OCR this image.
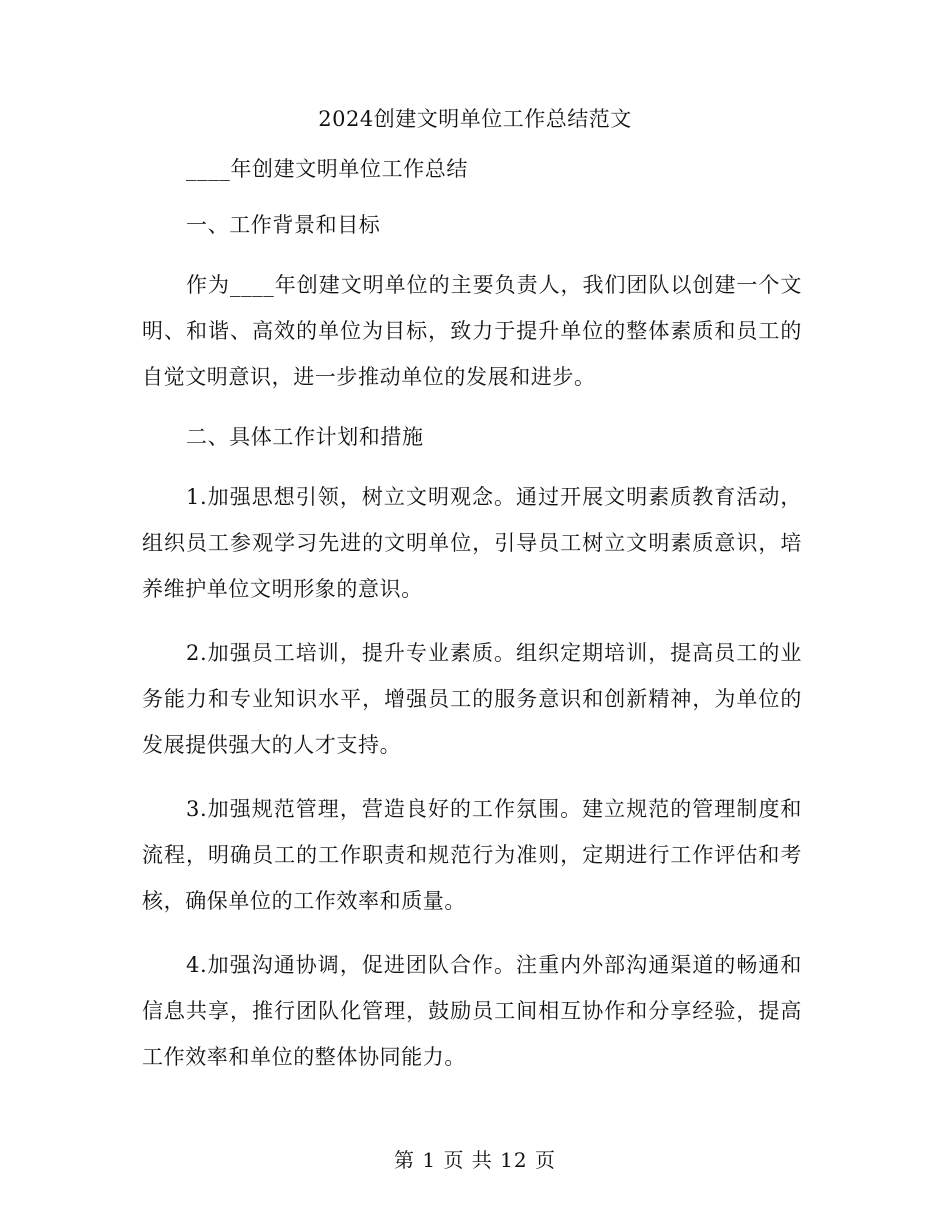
2024创建文明单位工作总结范文

____年创建文明单位工作总结

一、工作背景和目标

作为____年创建文明单位的主要负责人，我们团队以创建一个文明、和谐、高效的单位为目标，致力于提升单位的整体素质和员工的自觉文明意识，进一步推动单位的发展和进步。

二、具体工作计划和措施

1.加强思想引领，树立文明观念。通过开展文明素质教育活动，组织员工参观学习先进的文明单位，引导员工树立文明素质意识，培养维护单位文明形象的意识。

2.加强员工培训，提升专业素质。组织定期培训，提高员工的业务能力和专业知识水平，增强员工的服务意识和创新精神，为单位的发展提供强大的人才支持。

3.加强规范管理，营造良好的工作氛围。建立规范的管理制度和流程，明确员工的工作职责和规范行为准则，定期进行工作评估和考核，确保单位的工作效率和质量。

4.加强沟通协调，促进团队合作。注重内外部沟通渠道的畅通和信息共享，推行团队化管理，鼓励员工间相互协作和分享经验，提高工作效率和单位的整体协同能力。

第 1 页 共 12 页
